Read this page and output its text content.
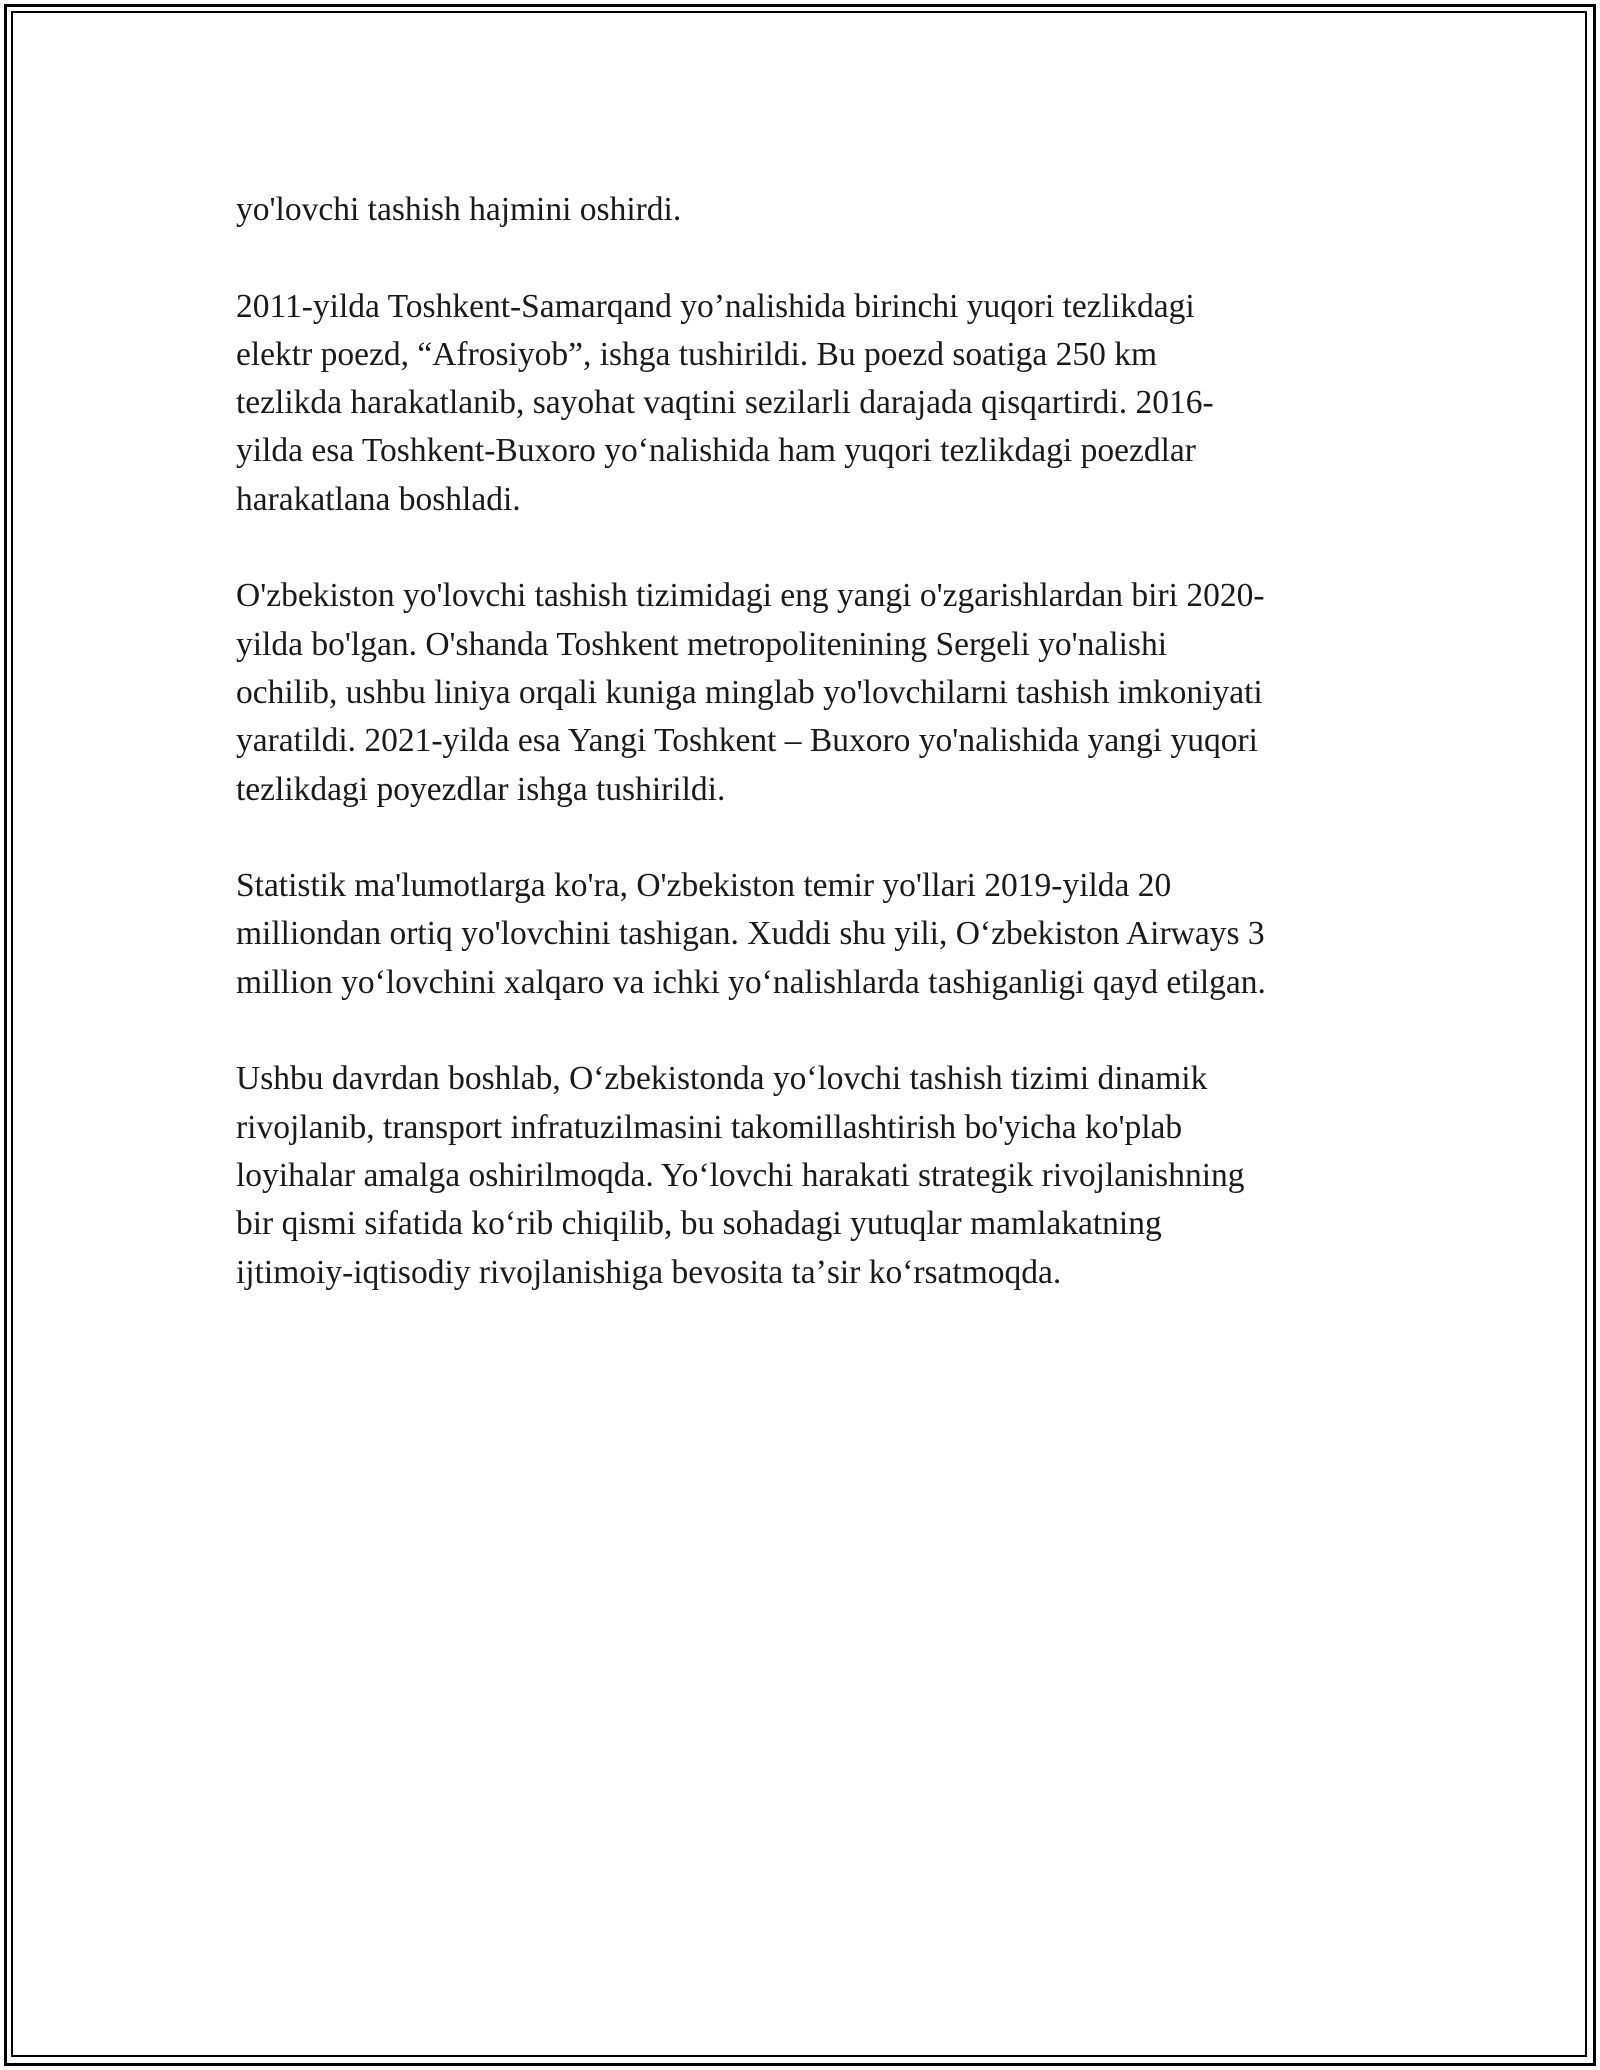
yo'lovchi tashish hajmini oshirdi.

2011-yilda Toshkent-Samarqand yo’nalishida birinchi yuqori tezlikdagi
elektr poezd, “Afrosiyob”, ishga tushirildi. Bu poezd soatiga 250 km
tezlikda harakatlanib, sayohat vaqtini sezilarli darajada qisqartirdi. 2016-
yilda esa Toshkent-Buxoro yoʻnalishida ham yuqori tezlikdagi poezdlar
harakatlana boshladi.

O'zbekiston yo'lovchi tashish tizimidagi eng yangi o'zgarishlardan biri 2020-
yilda bo'lgan. O'shanda Toshkent metropolitenining Sergeli yo'nalishi
ochilib, ushbu liniya orqali kuniga minglab yo'lovchilarni tashish imkoniyati
yaratildi. 2021-yilda esa Yangi Toshkent – Buxoro yo'nalishida yangi yuqori
tezlikdagi poyezdlar ishga tushirildi.

Statistik ma'lumotlarga ko'ra, O'zbekiston temir yo'llari 2019-yilda 20
milliondan ortiq yo'lovchini tashigan. Xuddi shu yili, Oʻzbekiston Airways 3
million yoʻlovchini xalqaro va ichki yoʻnalishlarda tashiganligi qayd etilgan.

Ushbu davrdan boshlab, Oʻzbekistonda yoʻlovchi tashish tizimi dinamik
rivojlanib, transport infratuzilmasini takomillashtirish bo'yicha ko'plab
loyihalar amalga oshirilmoqda. Yoʻlovchi harakati strategik rivojlanishning
bir qismi sifatida koʻrib chiqilib, bu sohadagi yutuqlar mamlakatning
ijtimoiy-iqtisodiy rivojlanishiga bevosita taʼsir koʻrsatmoqda.
